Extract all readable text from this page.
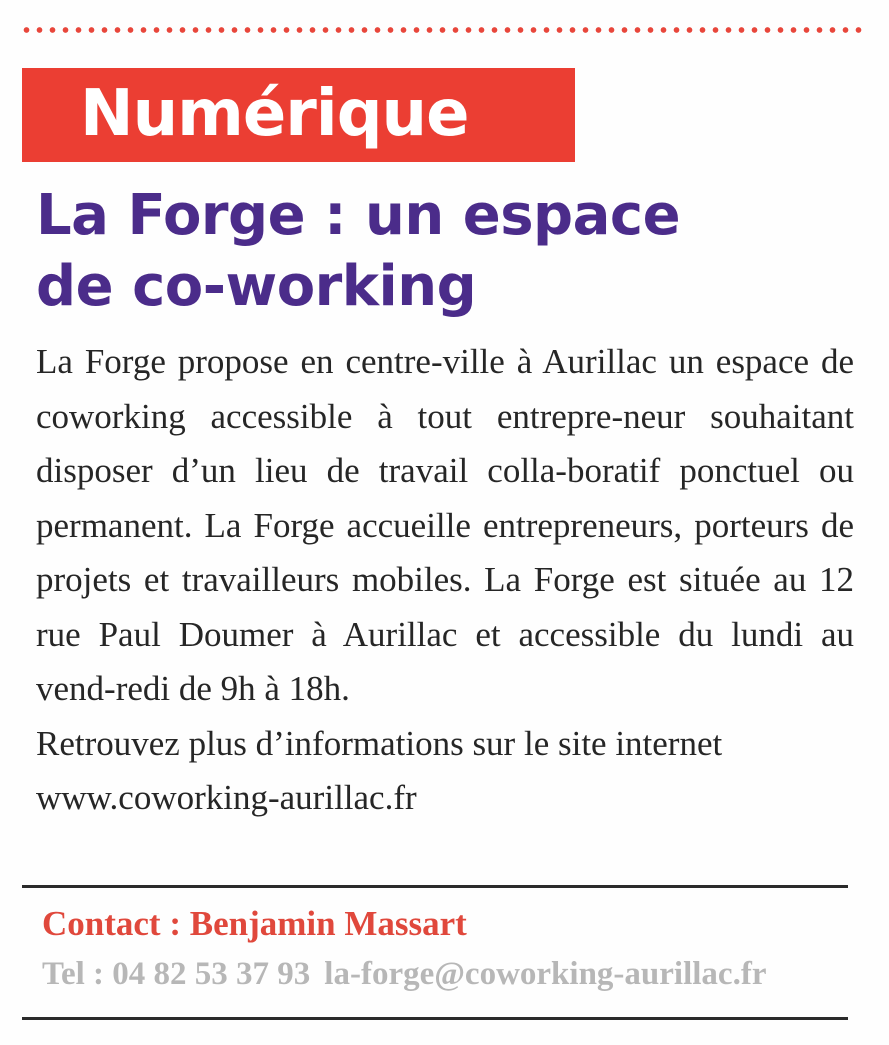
Numérique
La Forge : un espace
de co-working

La Forge propose en centre-ville à Aurillac un espace de coworking accessible à tout entrepre-neur souhaitant disposer d’un lieu de travail colla-boratif ponctuel ou permanent. La Forge accueille entrepreneurs, porteurs de projets et travailleurs mobiles. La Forge est située au 12 rue Paul Doumer à Aurillac et accessible du lundi au vend-redi de 9h à 18h.

Retrouvez plus d’informations sur le site internet
www.coworking-aurillac.fr

Contact : Benjamin Massart
Tel : 04 82 53 37 93 la-forge@coworking-aurillac.fr
